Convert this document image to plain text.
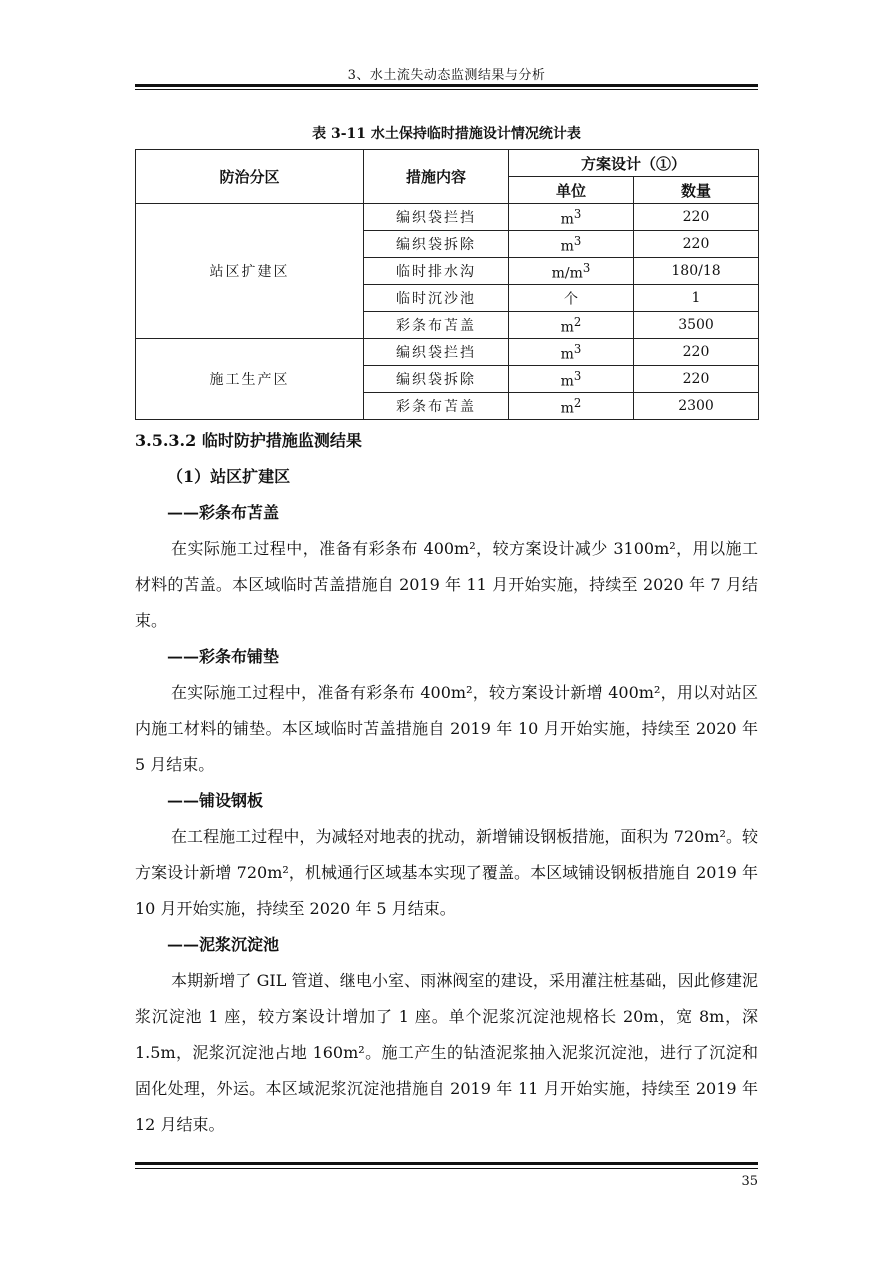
3、水土流失动态监测结果与分析
表 3-11 水土保持临时措施设计情况统计表
防治分区	措施内容	方案设计（①）	
		单位	数量
站区扩建区	编织袋拦挡	$m^3$	220
	编织袋拆除	$m^3$	220
	临时排水沟	$m/m^3$	180/18
	临时沉沙池	个	1
	彩条布苫盖	$m^2$	3500
施工生产区	编织袋拦挡	$m^3$	220
	编织袋拆除	$m^3$	220
	彩条布苫盖	$m^2$	2300
3.5.3.2 临时防护措施监测结果
（1）站区扩建区
——彩条布苫盖
在实际施工过程中，准备有彩条布 400m²，较方案设计减少 3100m²，用以施工材料的苫盖。本区域临时苫盖措施自 2019 年 11 月开始实施，持续至 2020 年 7 月结束。
——彩条布铺垫
在实际施工过程中，准备有彩条布 400m²，较方案设计新增 400m²，用以对站区内施工材料的铺垫。本区域临时苫盖措施自 2019 年 10 月开始实施，持续至 2020 年 5 月结束。
——铺设钢板
在工程施工过程中，为减轻对地表的扰动，新增铺设钢板措施，面积为 720m²。较方案设计新增 720m²，机械通行区域基本实现了覆盖。本区域铺设钢板措施自 2019 年 10 月开始实施，持续至 2020 年 5 月结束。
——泥浆沉淀池
本期新增了 GIL 管道、继电小室、雨淋阀室的建设，采用灌注桩基础，因此修建泥浆沉淀池 1 座，较方案设计增加了 1 座。单个泥浆沉淀池规格长 20m，宽 8m，深 1.5m，泥浆沉淀池占地 160m²。施工产生的钻渣泥浆抽入泥浆沉淀池，进行了沉淀和固化处理，外运。本区域泥浆沉淀池措施自 2019 年 11 月开始实施，持续至 2019 年 12 月结束。
35
